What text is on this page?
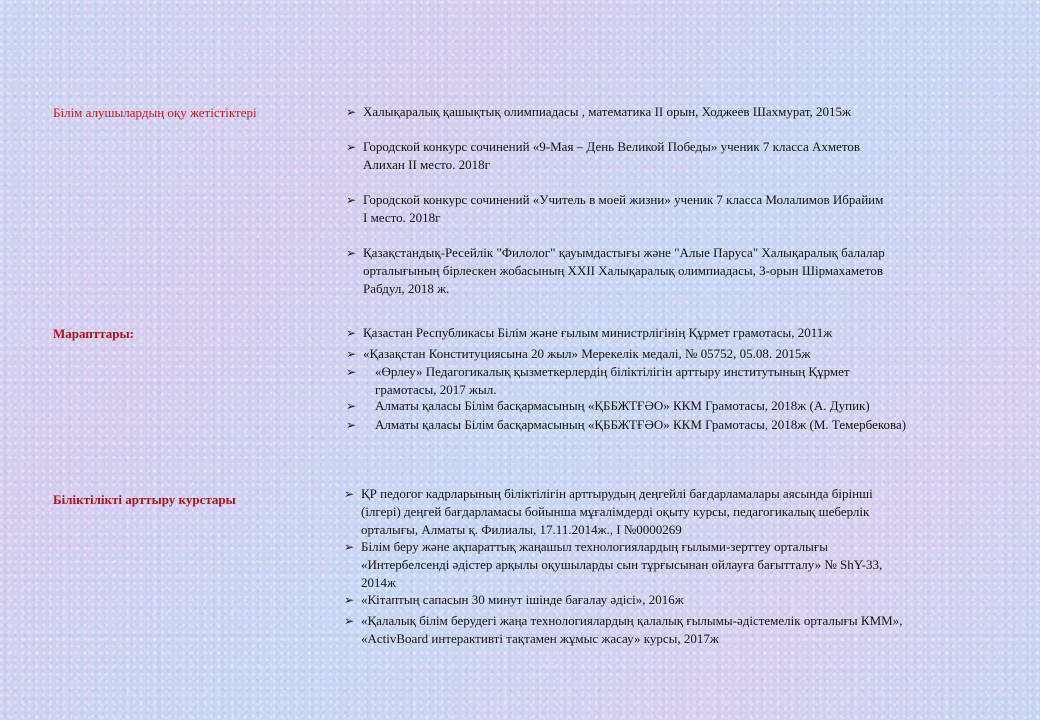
Білім алушылардың оқу жетістіктері	➢ Халықаралық қашықтық олимпиадасы , математика ІІ орын, Ходжеев Шахмурат, 2015ж
➢ Городской конкурс сочинений «9-Мая – День Великой Победы» ученик 7 класса Ахметов
Алихан ІІ место. 2018г
➢ Городской конкурс сочинений «Учитель в моей жизни» ученик 7 класса Молалимов Ибрайим
І место. 2018г
➢ Қазақстандық-Ресейлік "Филолог" қауымдастығы және "Алые Паруса" Халықаралық балалар
орталығының бірлескен жобасының ХХІІ Халықаралық олимпиадасы, 3-орын Шірмахаметов
Рабдул, 2018 ж.
Марапттары:	➢ Қазастан Республикасы Білім және ғылым министрлігінің Құрмет грамотасы, 2011ж
➢ «Қазақстан Конституциясына 20 жыл» Мерекелік медалі, № 05752, 05.08. 2015ж
➢	«Өрлеу» Педагогикалық қызметкерлердің біліктілігін арттыру институтының Құрмет
грамотасы, 2017 жыл.
➢	Алматы қаласы Білім басқармасының «ҚББЖТҒӘО» ККМ Грамотасы, 2018ж (А. Дупик)
➢	Алматы қаласы Білім басқармасының «ҚББЖТҒӘО» ККМ Грамотасы, 2018ж (М. Темербекова)
Біліктілікті арттыру курстары	➢ ҚР педогог кадрларының біліктілігін арттырудың деңгейлі бағдарламалары аясында бірінші
(ілгері) деңгей бағдарламасы бойынша мұғалімдерді оқыту курсы, педагогикалық шеберлік
орталығы, Алматы қ. Филиалы, 17.11.2014ж., І №0000269
➢ Білім беру және ақпараттық жаңашыл технологиялардың ғылыми-зерттеу орталығы
«Интербелсенді әдістер арқылы оқушыларды сын тұрғысынан ойлауға бағытталу» № ShY-33,
2014ж
➢ «Кітаптың сапасын 30 минут ішінде бағалау әдісі», 2016ж
➢ «Қалалық білім берудегі жаңа технологиялардың қалалық ғылымы-әдістемелік орталығы КММ»,
«ActivBoard интерактивті тақтамен жұмыс жасау» курсы, 2017ж
